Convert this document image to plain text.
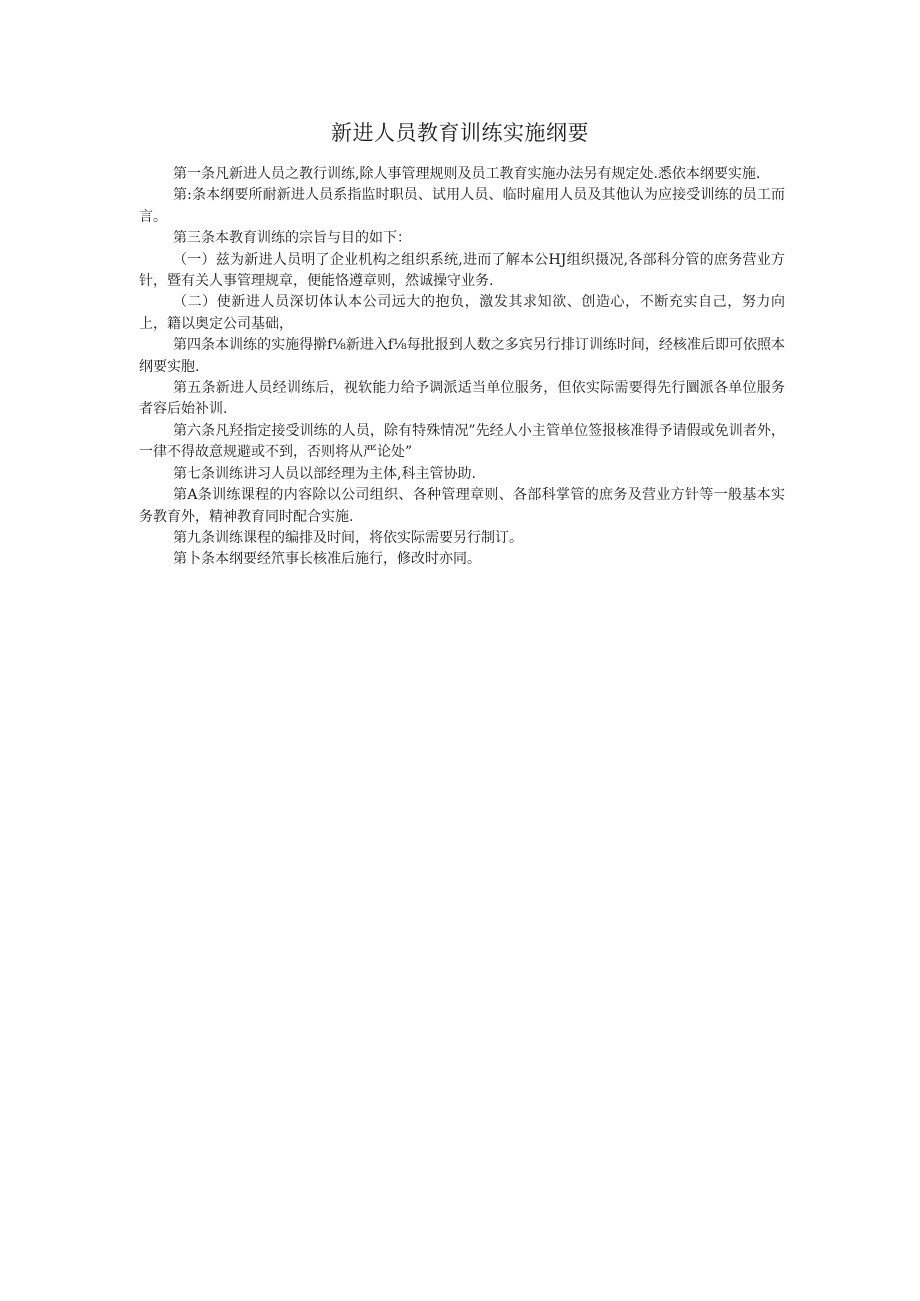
新进人员教育训练实施纲要

第一条凡新进人员之教行训练,除人事管理规则及员工教育实施办法另有规定处.悉依本纲要实施.

第:条本纲要所耐新进人员系指监时职员、试用人员、临时雇用人员及其他认为应接受训练的员工而言。

第三条本教育训练的宗旨与目的如下：

（一）兹为新进人员明了企业机构之组织系统,进而了解本公HJ组织摄况,各部科分管的庶务营业方针，暨有关人事管理规章，便能恪遵章则，然诚操守业务.

（二）使新进人员深切体认本公司远大的抱负，激发其求知欲、创造心，不断充实自己，努力向上，籍以奥定公司基础，

第四条本训练的实施得擀f⅛新进入f⅛每批报到人数之多宾另行排订训练时间，经核准后即可依照本纲要实胞.

第五条新进人员经训练后，视软能力给予调派适当单位服务，但依实际需要得先行圜派各单位服务者容后始补训.

第六条凡羟指定接受训练的人员，除有特殊情况”先经人小主管单位签报核准得予请假或免训者外，一律不得故意规避或不到，否则将从严论处”

第七条训练讲习人员以部经理为主体,科主管协助.

第A条训练课程的内容除以公司组织、各种管理章则、各部科掌管的庶务及营业方针等一般基本实务教育外，精神教育同时配合实施.

第九条训练课程的编排及时间，将依实际需要另行制订。

第卜条本纲要经笊事长核准后施行，修改时亦同。
